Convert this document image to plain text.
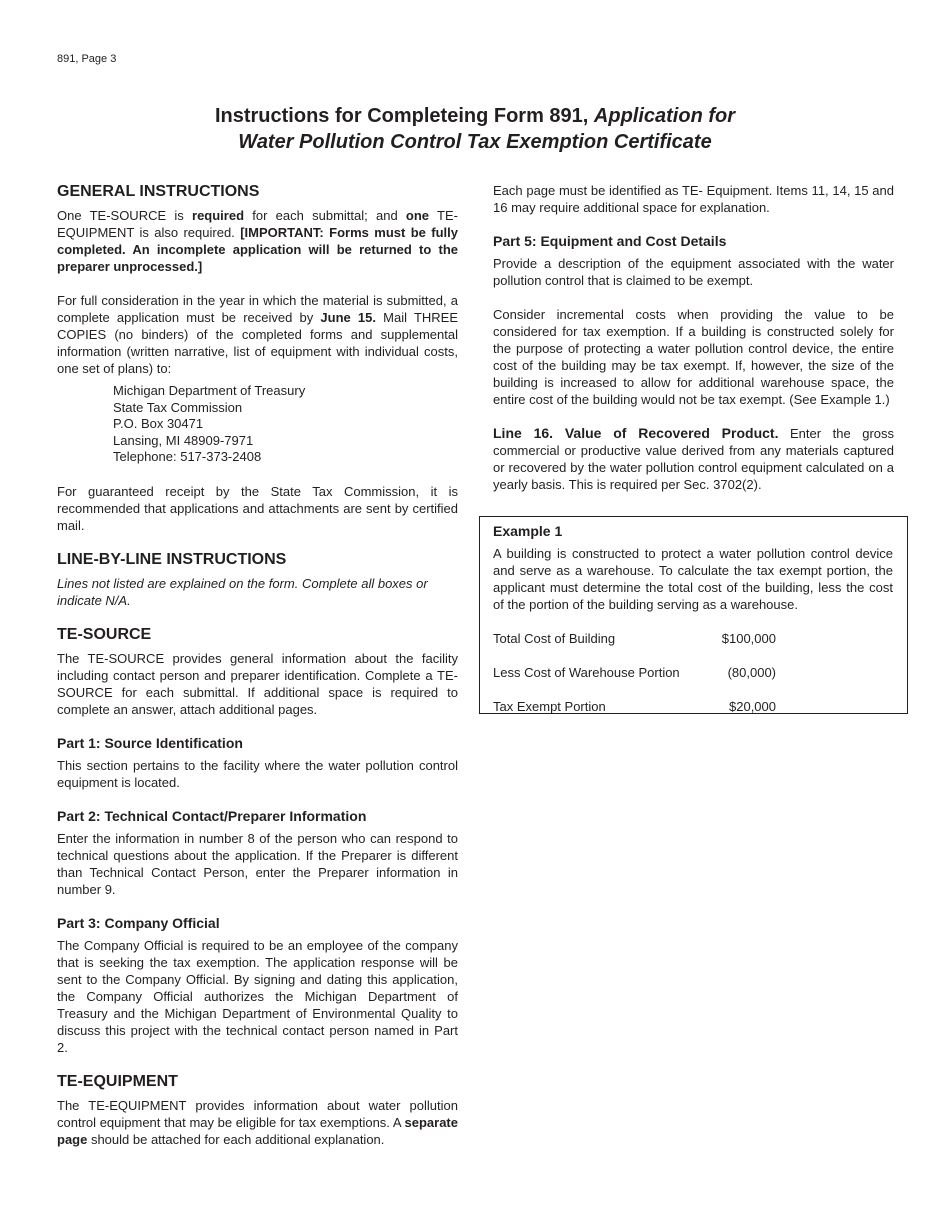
891, Page 3
Instructions for Completeing Form 891, Application for
Water Pollution Control Tax Exemption Certificate
GENERAL INSTRUCTIONS

One TE-SOURCE is required for each submittal; and one TE-EQUIPMENT is also required. [IMPORTANT: Forms must be fully completed. An incomplete application will be returned to the preparer unprocessed.]

For full consideration in the year in which the material is submitted, a complete application must be received by June 15. Mail THREE COPIES (no binders) of the completed forms and supplemental information (written narrative, list of equipment with individual costs, one set of plans) to:

Michigan Department of Treasury
State Tax Commission
P.O. Box 30471
Lansing, MI 48909-7971
Telephone: 517-373-2408

For guaranteed receipt by the State Tax Commission, it is recommended that applications and attachments are sent by certified mail.

LINE-BY-LINE INSTRUCTIONS

Lines not listed are explained on the form. Complete all boxes or indicate N/A.

TE-SOURCE

The TE-SOURCE provides general information about the facility including contact person and preparer identification. Complete a TE-SOURCE for each submittal. If additional space is required to complete an answer, attach additional pages.

Part 1: Source Identification

This section pertains to the facility where the water pollution control equipment is located.

Part 2: Technical Contact/Preparer Information

Enter the information in number 8 of the person who can respond to technical questions about the application. If the Preparer is different than Technical Contact Person, enter the Preparer information in number 9.

Part 3: Company Official

The Company Official is required to be an employee of the company that is seeking the tax exemption. The application response will be sent to the Company Official. By signing and dating this application, the Company Official authorizes the Michigan Department of Treasury and the Michigan Department of Environmental Quality to discuss this project with the technical contact person named in Part 2.

TE-EQUIPMENT

The TE-EQUIPMENT provides information about water pollution control equipment that may be eligible for tax exemptions. A separate page should be attached for each additional explanation.

Each page must be identified as TE- Equipment. Items 11, 14, 15 and 16 may require additional space for explanation.

Part 5: Equipment and Cost Details

Provide a description of the equipment associated with the water pollution control that is claimed to be exempt.

Consider incremental costs when providing the value to be considered for tax exemption. If a building is constructed solely for the purpose of protecting a water pollution control device, the entire cost of the building may be tax exempt. If, however, the size of the building is increased to allow for additional warehouse space, the entire cost of the building would not be tax exempt. (See Example 1.)

Line 16. Value of Recovered Product. Enter the gross commercial or productive value derived from any materials captured or recovered by the water pollution control equipment calculated on a yearly basis. This is required per Sec. 3702(2).

Example 1

A building is constructed to protect a water pollution control device and serve as a warehouse. To calculate the tax exempt portion, the applicant must determine the total cost of the building, less the cost of the portion of the building serving as a warehouse.

Total Cost of Building	$100,000
Less Cost of Warehouse Portion	(80,000)
Tax Exempt Portion	$20,000
